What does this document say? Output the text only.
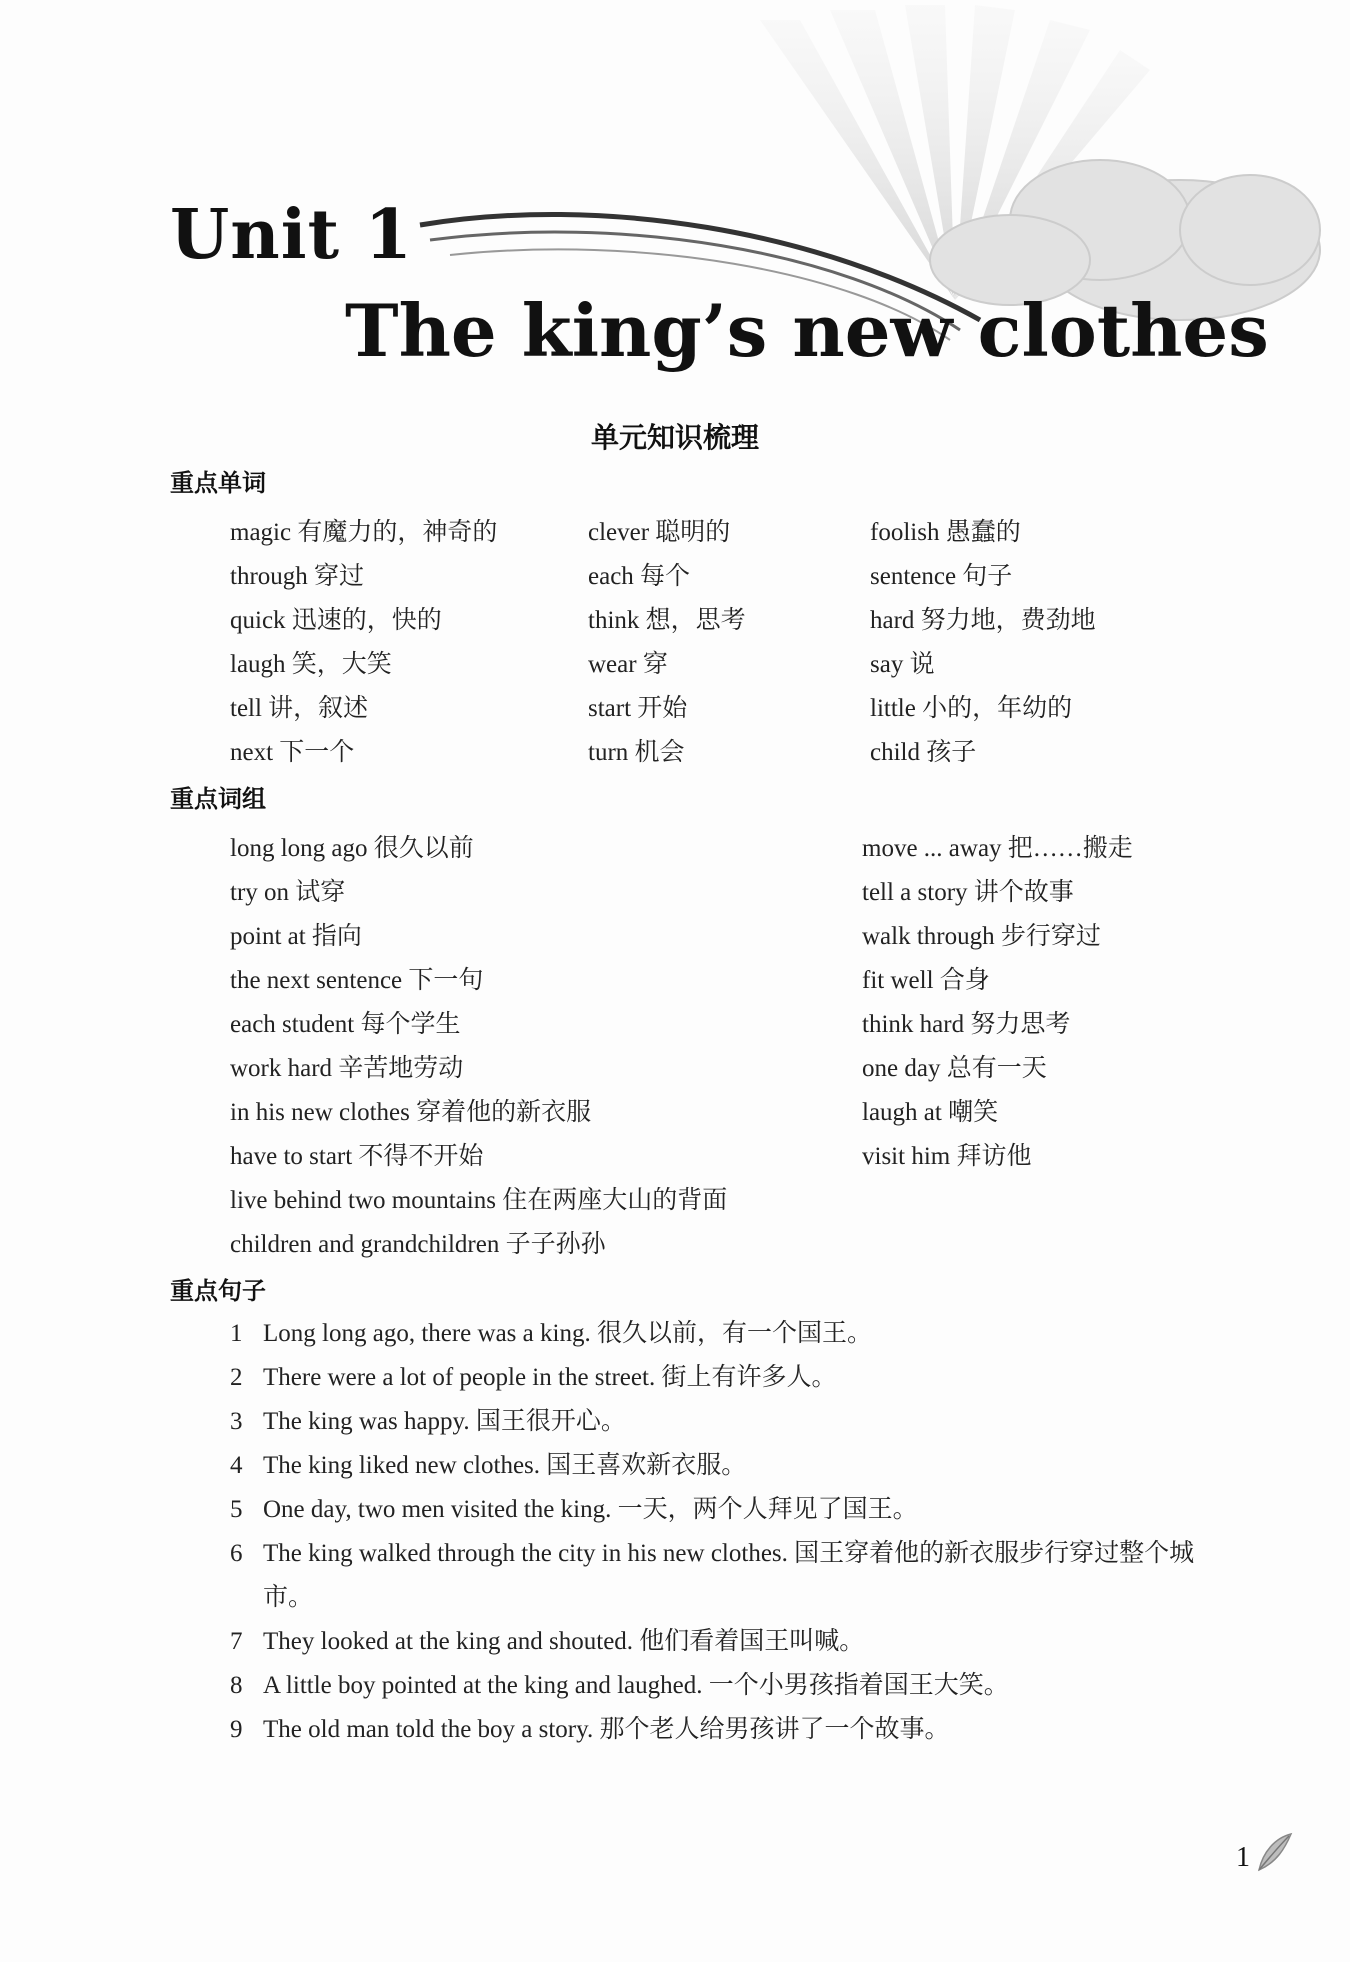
Unit 1
The king’s new clothes
单元知识梳理
重点单词
magic 有魔力的，神奇的
through 穿过
quick 迅速的，快的
laugh 笑，大笑
tell 讲，叙述
next 下一个
clever 聪明的
each 每个
think 想，思考
wear 穿
start 开始
turn 机会
foolish 愚蠢的
sentence 句子
hard 努力地，费劲地
say 说
little 小的，年幼的
child 孩子
重点词组
long long ago 很久以前
try on 试穿
point at 指向
the next sentence 下一句
each student 每个学生
work hard 辛苦地劳动
in his new clothes 穿着他的新衣服
have to start 不得不开始
live behind two mountains 住在两座大山的背面
children and grandchildren 子子孙孙
move ... away 把……搬走
tell a story 讲个故事
walk through 步行穿过
fit well 合身
think hard 努力思考
one day 总有一天
laugh at 嘲笑
visit him 拜访他
重点句子
1 Long long ago, there was a king. 很久以前，有一个国王。
2 There were a lot of people in the street. 街上有许多人。
3 The king was happy. 国王很开心。
4 The king liked new clothes. 国王喜欢新衣服。
5 One day, two men visited the king. 一天，两个人拜见了国王。
6 The king walked through the city in his new clothes. 国王穿着他的新衣服步行穿过整个城市。
7 They looked at the king and shouted. 他们看着国王叫喊。
8 A little boy pointed at the king and laughed. 一个小男孩指着国王大笑。
9 The old man told the boy a story. 那个老人给男孩讲了一个故事。
1
